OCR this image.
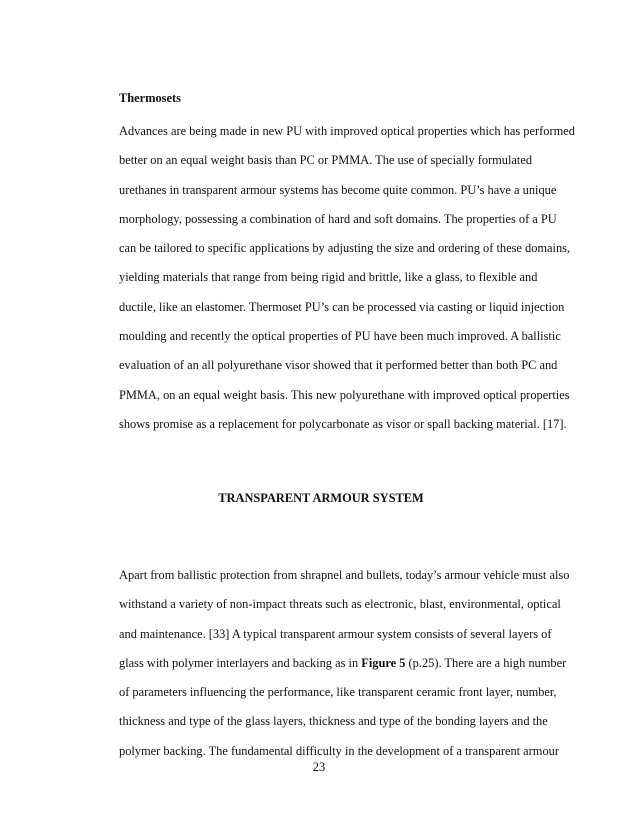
Thermosets

Advances are being made in new PU with improved optical properties which has performed
better on an equal weight basis than PC or PMMA. The use of specially formulated
urethanes in transparent armour systems has become quite common. PU’s have a unique
morphology, possessing a combination of hard and soft domains. The properties of a PU
can be tailored to specific applications by adjusting the size and ordering of these domains,
yielding materials that range from being rigid and brittle, like a glass, to flexible and
ductile, like an elastomer. Thermoset PU’s can be processed via casting or liquid injection
moulding and recently the optical properties of PU have been much improved. A ballistic
evaluation of an all polyurethane visor showed that it performed better than both PC and
PMMA, on an equal weight basis. This new polyurethane with improved optical properties
shows promise as a replacement for polycarbonate as visor or spall backing material. [17].

TRANSPARENT ARMOUR SYSTEM

Apart from ballistic protection from shrapnel and bullets, today’s armour vehicle must also
withstand a variety of non-impact threats such as electronic, blast, environmental, optical
and maintenance. [33] A typical transparent armour system consists of several layers of
glass with polymer interlayers and backing as in Figure 5 (p.25). There are a high number
of parameters influencing the performance, like transparent ceramic front layer, number,
thickness and type of the glass layers, thickness and type of the bonding layers and the
polymer backing. The fundamental difficulty in the development of a transparent armour

23
